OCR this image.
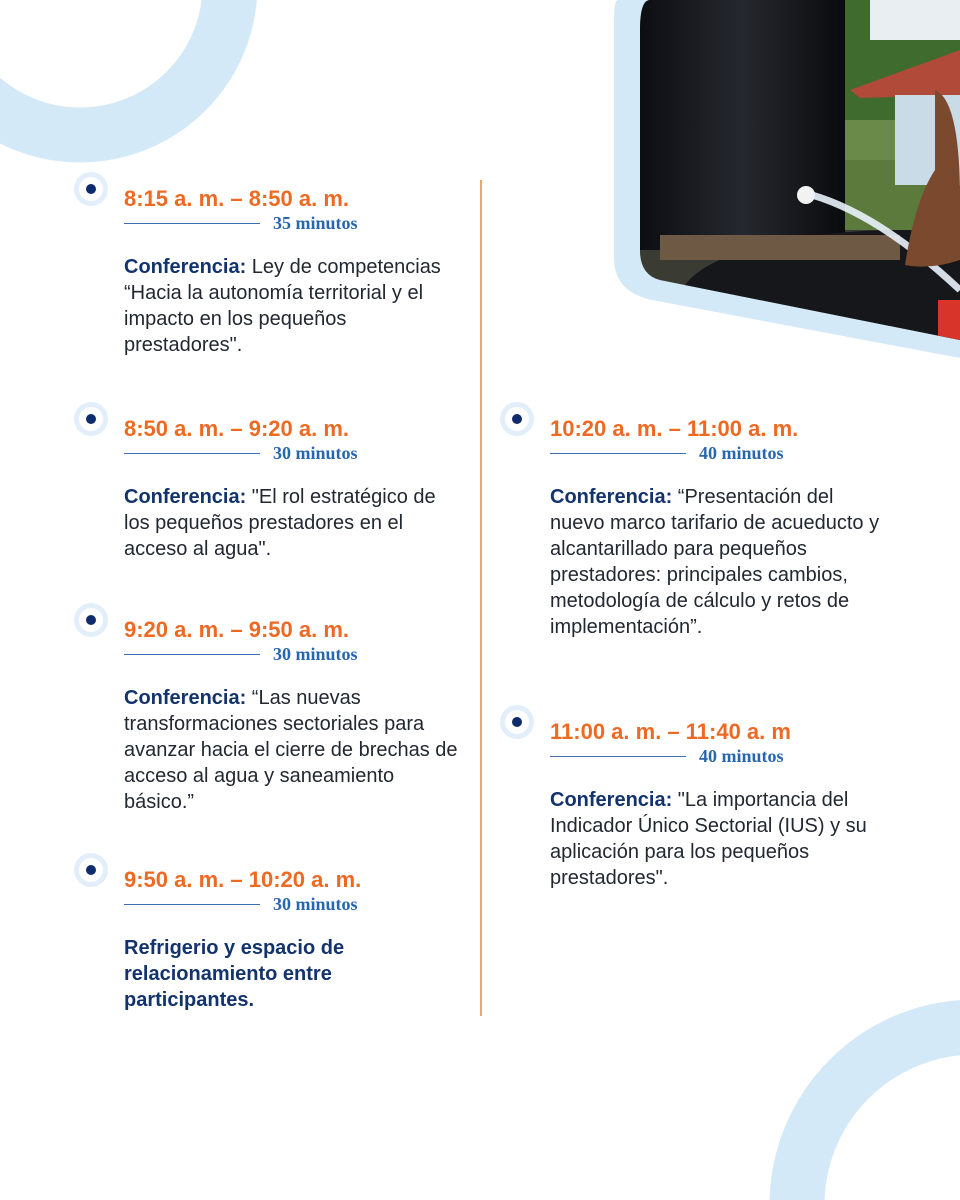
8:15 a. m. – 8:50 a. m.
35 minutos
Conferencia: Ley de competencias “Hacia la autonomía territorial y el impacto en los pequeños prestadores".
8:50 a. m. – 9:20 a. m.
30 minutos
Conferencia: "El rol estratégico de los pequeños prestadores en el acceso al agua".
9:20 a. m. – 9:50 a. m.
30 minutos
Conferencia: “Las nuevas transformaciones sectoriales para avanzar hacia el cierre de brechas de acceso al agua y saneamiento básico.”
9:50 a. m. – 10:20 a. m.
30 minutos
Refrigerio y espacio de relacionamiento entre participantes.
10:20 a. m. – 11:00 a. m.
40 minutos
Conferencia: “Presentación del nuevo marco tarifario de acueducto y alcantarillado para pequeños prestadores: principales cambios, metodología de cálculo y retos de implementación”.
11:00 a. m. – 11:40 a. m
40 minutos
Conferencia: "La importancia del Indicador Único Sectorial (IUS) y su aplicación para los pequeños prestadores".
